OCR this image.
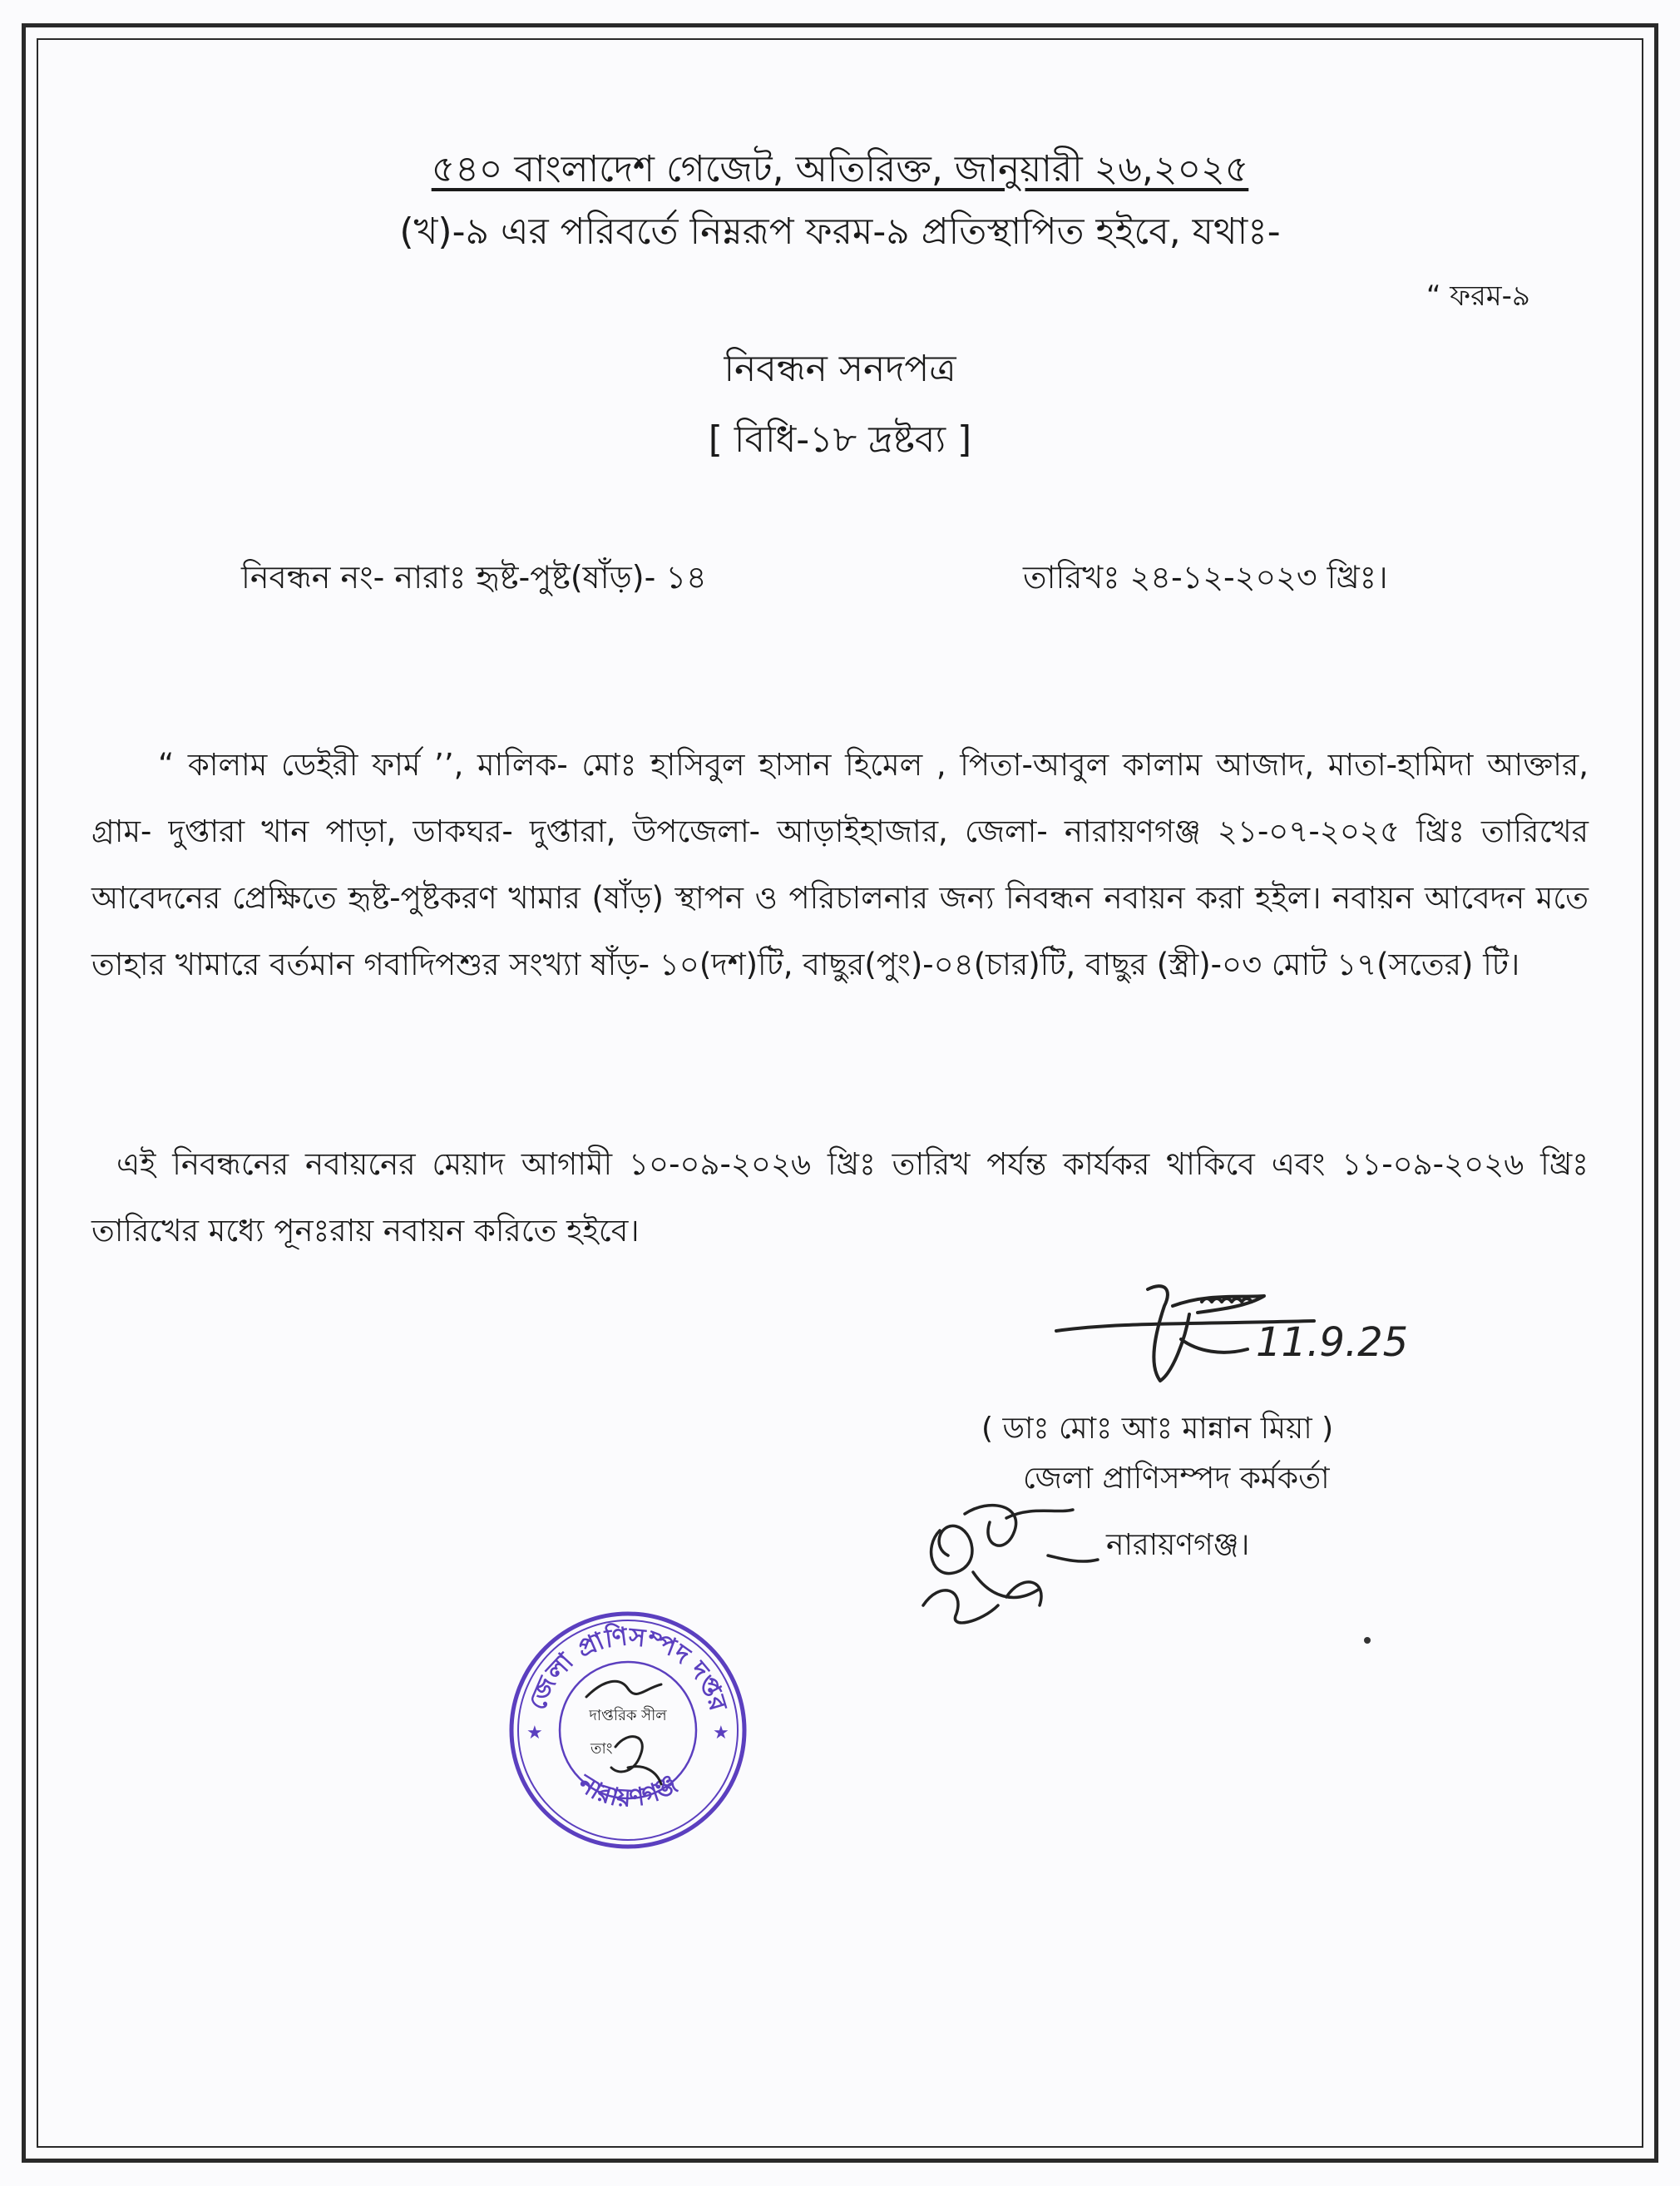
৫৪০ বাংলাদেশ গেজেট, অতিরিক্ত, জানুয়ারী ২৬,২০২৫
(খ)-৯ এর পরিবর্তে নিম্নরূপ ফরম-৯ প্রতিস্থাপিত হইবে, যথাঃ-
“ ফরম-৯
নিবন্ধন সনদপত্র
[ বিধি-১৮ দ্রষ্টব্য ]
নিবন্ধন নং- নারাঃ হৃষ্ট-পুষ্ট(ষাঁড়)- ১৪	তারিখঃ ২৪-১২-২০২৩ খ্রিঃ।
“ কালাম ডেইরী ফার্ম ’’, মালিক- মোঃ হাসিবুল হাসান হিমেল , পিতা-আবুল কালাম আজাদ, মাতা-হামিদা আক্তার, গ্রাম- দুপ্তারা খান পাড়া, ডাকঘর- দুপ্তারা, উপজেলা- আড়াইহাজার, জেলা- নারায়ণগঞ্জ ২১-০৭-২০২৫ খ্রিঃ তারিখের আবেদনের প্রেক্ষিতে হৃষ্ট-পুষ্টকরণ খামার (ষাঁড়) স্থাপন ও পরিচালনার জন্য নিবন্ধন নবায়ন করা হইল। নবায়ন আবেদন মতে তাহার খামারে বর্তমান গবাদিপশুর সংখ্যা ষাঁড়- ১০(দশ)টি, বাছুর(পুং)-০৪(চার)টি, বাছুর (স্ত্রী)-০৩ মোট ১৭(সতের) টি।
এই নিবন্ধনের নবায়নের মেয়াদ আগামী ১০-০৯-২০২৬ খ্রিঃ তারিখ পর্যন্ত কার্যকর থাকিবে এবং ১১-০৯-২০২৬ খ্রিঃ তারিখের মধ্যে পূনঃরায় নবায়ন করিতে হইবে।
11.9.25
( ডাঃ মোঃ আঃ মান্নান মিয়া )
জেলা প্রাণিসম্পদ কর্মকর্তা
নারায়ণগঞ্জ।
জেলা প্রাণিসম্পদ দপ্তর
নারায়ণগঞ্জ
★	★
দাপ্তরিক সীল
তাং
